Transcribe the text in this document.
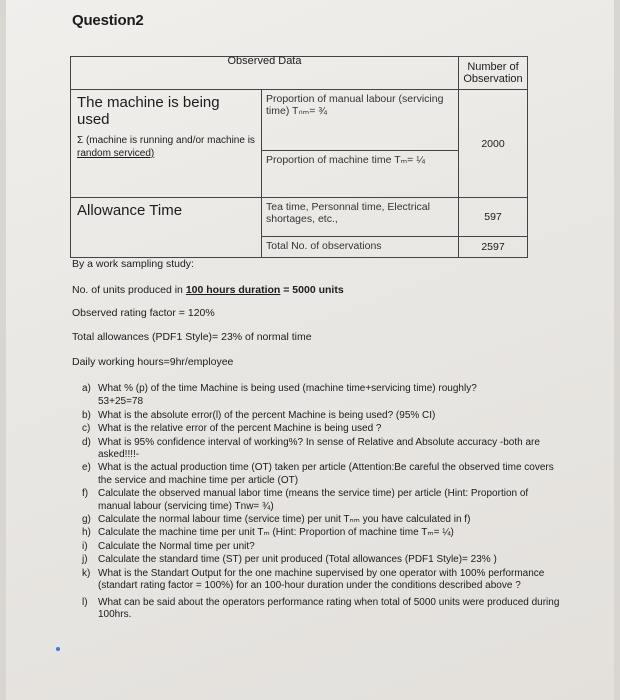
Question2
Observed Data		Number of
Observation

The machine is being
used
Σ (machine is running and/or machine is random serviced)	Proportion of manual labour (servicing time) Tₙₘ= ¾	2000
	Proportion of machine time Tₘ= ¼	
Allowance Time	Tea time, Personnal time, Electrical shortages, etc.,	597
	Total No. of observations	2597
By a work sampling study:
No. of units produced in 100 hours duration = 5000 units
Observed rating factor = 120%
Total allowances (PDF1 Style)= 23% of normal time
Daily working hours=9hr/employee
a) What % (p) of the time Machine is being used (machine time+servicing time) roughly?
53+25=78
b) What is the absolute error(l) of the percent Machine is being used? (95% CI)
c) What is the relative error of the percent Machine is being used ?
d) What is 95% confidence interval of working%? In sense of Relative and Absolute accuracy -both are asked!!!!-
e) What is the actual production time (OT) taken per article (Attention:Be careful the observed time covers the service and machine time per article (OT)
f) Calculate the observed manual labor time (means the service time) per article (Hint: Proportion of manual labour (servicing time) Tnw= ¾)
g) Calculate the normal labour time (service time) per unit Tₙₘ you have calculated in f)
h) Calculate the machine time per unit Tₘ (Hint: Proportion of machine time Tₘ= ¼)
i)	Calculate the Normal time per unit?
j)	Calculate the standard time (ST) per unit produced (Total allowances (PDF1 Style)= 23% )
k) What is the Standart Output for the one machine supervised by one operator with 100% performance (standart rating factor = 100%) for an 100-hour duration under the conditions described above ?
l)	What can be said about the operators performance rating when total of 5000 units were produced during 100hrs.
